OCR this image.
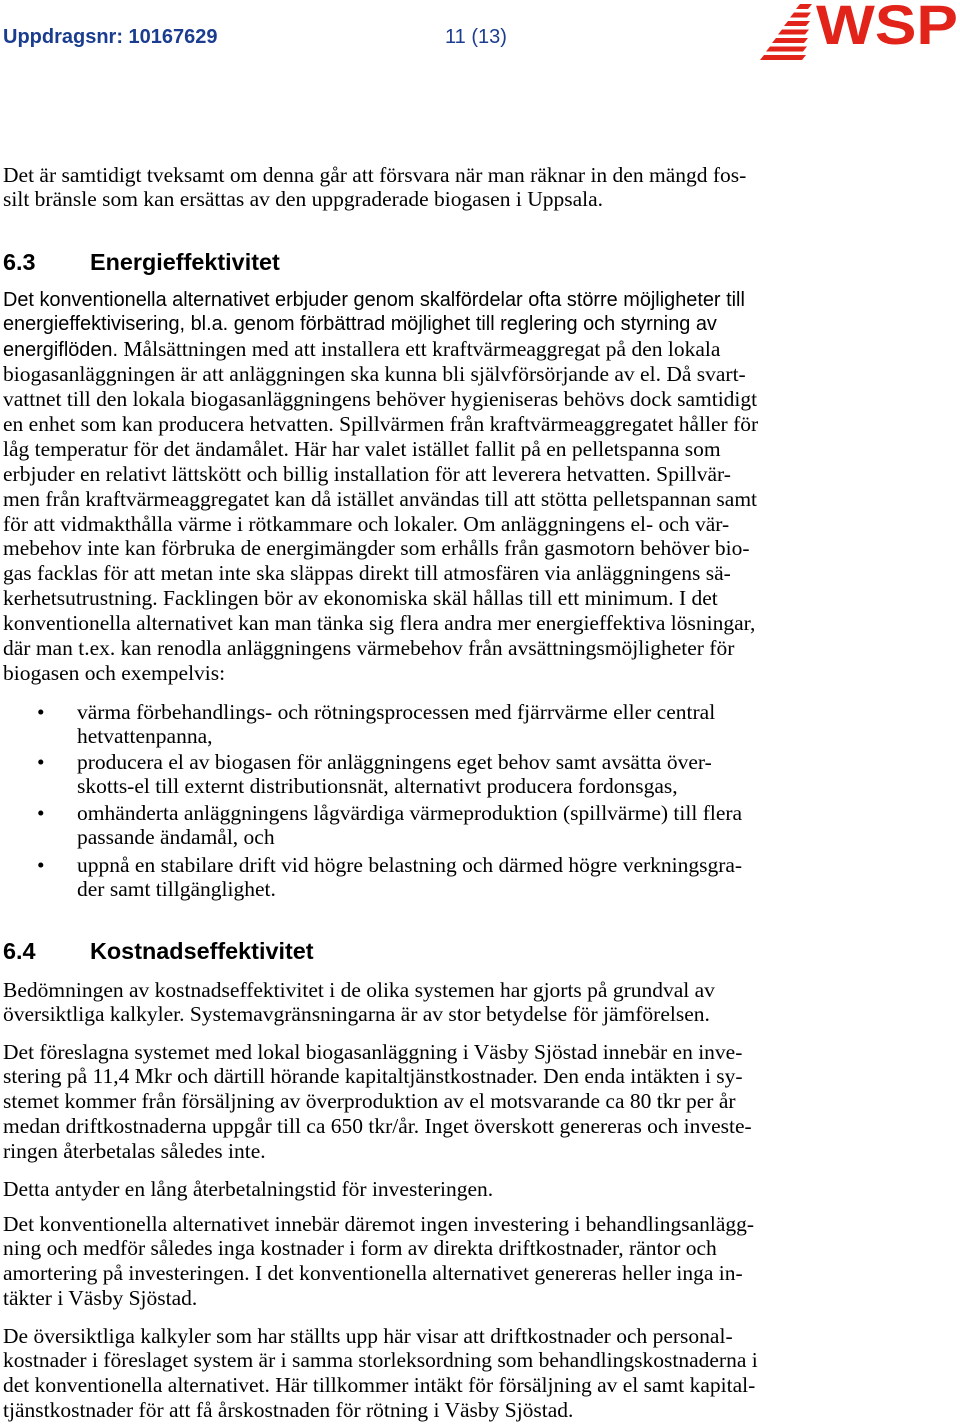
Uppdragsnr: 10167629	11 (13)	WSP
Det är samtidigt tveksamt om denna går att försvara när man räknar in den mängd fos-
silt bränsle som kan ersättas av den uppgraderade biogasen i Uppsala.
6.3 Energieffektivitet
Det konventionella alternativet erbjuder genom skalfördelar ofta större möjligheter till
energieffektivisering, bl.a. genom förbättrad möjlighet till reglering och styrning av
energiflöden. Målsättningen med att installera ett kraftvärmeaggregat på den lokala
biogasanläggningen är att anläggningen ska kunna bli självförsörjande av el. Då svart-
vattnet till den lokala biogasanläggningens behöver hygieniseras behövs dock samtidigt
en enhet som kan producera hetvatten. Spillvärmen från kraftvärmeaggregatet håller för
låg temperatur för det ändamålet. Här har valet istället fallit på en pelletspanna som
erbjuder en relativt lättskött och billig installation för att leverera hetvatten. Spillvär-
men från kraftvärmeaggregatet kan då istället användas till att stötta pelletspannan samt
för att vidmakthålla värme i rötkammare och lokaler. Om anläggningens el- och vär-
mebehov inte kan förbruka de energimängder som erhålls från gasmotorn behöver bio-
gas facklas för att metan inte ska släppas direkt till atmosfären via anläggningens sä-
kerhetsutrustning. Facklingen bör av ekonomiska skäl hållas till ett minimum. I det
konventionella alternativet kan man tänka sig flera andra mer energieffektiva lösningar,
där man t.ex. kan renodla anläggningens värmebehov från avsättningsmöjligheter för
biogasen och exempelvis:
• värma förbehandlings- och rötningsprocessen med fjärrvärme eller central
hetvattenpanna,
• producera el av biogasen för anläggningens eget behov samt avsätta över-
skotts-el till externt distributionsnät, alternativt producera fordonsgas,
• omhänderta anläggningens lågvärdiga värmeproduktion (spillvärme) till flera
passande ändamål, och
• uppnå en stabilare drift vid högre belastning och därmed högre verkningsgra-
der samt tillgänglighet.
6.4 Kostnadseffektivitet
Bedömningen av kostnadseffektivitet i de olika systemen har gjorts på grundval av
översiktliga kalkyler. Systemavgränsningarna är av stor betydelse för jämförelsen.
Det föreslagna systemet med lokal biogasanläggning i Väsby Sjöstad innebär en inve-
stering på 11,4 Mkr och därtill hörande kapitaltjänstkostnader. Den enda intäkten i sy-
stemet kommer från försäljning av överproduktion av el motsvarande ca 80 tkr per år
medan driftkostnaderna uppgår till ca 650 tkr/år. Inget överskott genereras och investe-
ringen återbetalas således inte.
Detta antyder en lång återbetalningstid för investeringen.
Det konventionella alternativet innebär däremot ingen investering i behandlingsanlägg-
ning och medför således inga kostnader i form av direkta driftkostnader, räntor och
amortering på investeringen. I det konventionella alternativet genereras heller inga in-
täkter i Väsby Sjöstad.
De översiktliga kalkyler som har ställts upp här visar att driftkostnader och personal-
kostnader i föreslaget system är i samma storleksordning som behandlingskostnaderna i
det konventionella alternativet. Här tillkommer intäkt för försäljning av el samt kapital-
tjänstkostnader för att få årskostnaden för rötning i Väsby Sjöstad.
